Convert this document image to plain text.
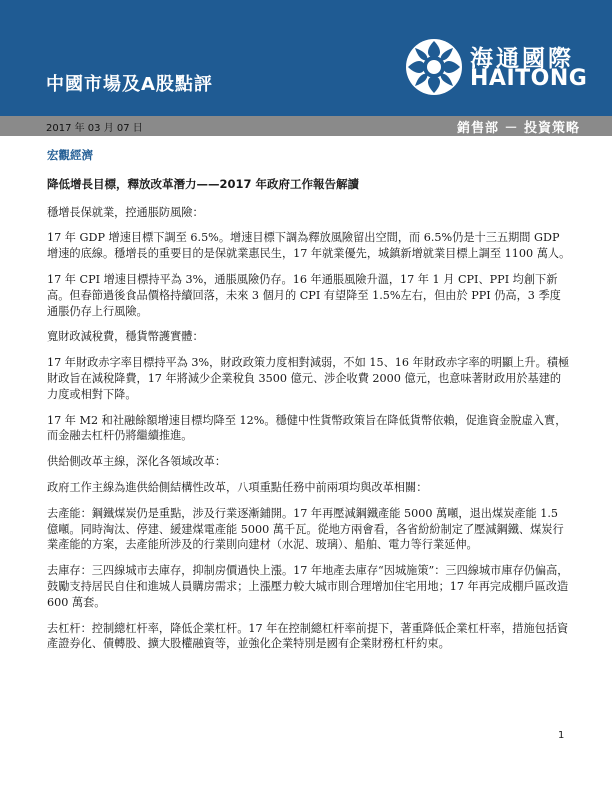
中國市場及A股點評
海通國際
HAITONG
2017 年 03 月 07 日	銷售部 － 投資策略
宏觀經濟
降低增長目標，釋放改革潛力——2017 年政府工作報告解讀

穩增長保就業，控通脹防風險：

17 年 GDP 增速目標下調至 6.5%。增速目標下調為釋放風險留出空間，而 6.5%仍是十三五期間 GDP 增速的底線。穩增長的重要目的是保就業惠民生，17 年就業優先，城鎮新增就業目標上調至 1100 萬人。

17 年 CPI 增速目標持平為 3%，通脹風險仍存。16 年通脹風險升溫，17 年 1 月 CPI、PPI 均創下新高。但春節過後食品價格持續回落，未來 3 個月的 CPI 有望降至 1.5%左右，但由於 PPI 仍高，3 季度通脹仍存上行風險。

寬財政減稅費，穩貨幣護實體：

17 年財政赤字率目標持平為 3%，財政政策力度相對減弱，不如 15、16 年財政赤字率的明顯上升。積極財政旨在減稅降費，17 年將減少企業稅負 3500 億元、涉企收費 2000 億元，也意味著財政用於基建的力度或相對下降。

17 年 M2 和社融餘額增速目標均降至 12%。穩健中性貨幣政策旨在降低貨幣依賴，促進資金脫虛入實，而金融去杠杆仍將繼續推進。

供給側改革主線，深化各領域改革：

政府工作主線為進供給側結構性改革，八項重點任務中前兩項均與改革相關：

去產能：鋼鐵煤炭仍是重點，涉及行業逐漸鋪開。17 年再壓減鋼鐵產能 5000 萬噸，退出煤炭產能 1.5 億噸。同時淘汰、停建、緩建煤電產能 5000 萬千瓦。從地方兩會看，各省紛紛制定了壓減鋼鐵、煤炭行業產能的方案，去產能所涉及的行業則向建材（水泥、玻璃）、船舶、電力等行業延伸。

去庫存：三四線城市去庫存，抑制房價過快上漲。17 年地產去庫存“因城施策”：三四線城市庫存仍偏高，鼓勵支持居民自住和進城人員購房需求；上漲壓力較大城市則合理增加住宅用地；17 年再完成棚戶區改造 600 萬套。

去杠杆：控制總杠杆率，降低企業杠杆。17 年在控制總杠杆率前提下，著重降低企業杠杆率，措施包括資產證券化、債轉股、擴大股權融資等，並強化企業特別是國有企業財務杠杆約束。

1
